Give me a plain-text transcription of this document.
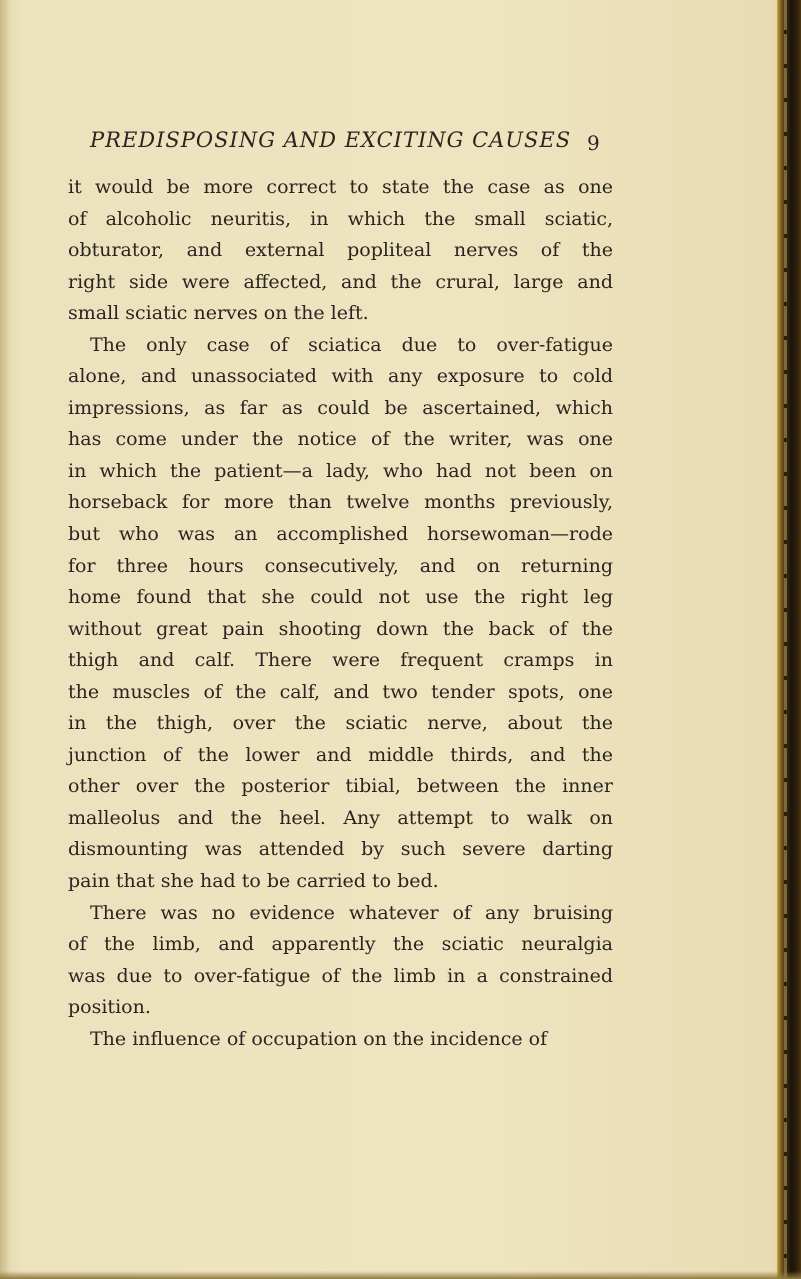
PREDISPOSING AND EXCITING CAUSES 9
it would be more correct to state the case as one
of alcoholic neuritis, in which the small sciatic,
obturator, and external popliteal nerves of the
right side were affected, and the crural, large and
small sciatic nerves on the left.
The only case of sciatica due to over-fatigue
alone, and unassociated with any exposure to cold
impressions, as far as could be ascertained, which
has come under the notice of the writer, was one
in which the patient—a lady, who had not been on
horseback for more than twelve months previously,
but who was an accomplished horsewoman—rode
for three hours consecutively, and on returning
home found that she could not use the right leg
without great pain shooting down the back of the
thigh and calf. There were frequent cramps in
the muscles of the calf, and two tender spots, one
in the thigh, over the sciatic nerve, about the
junction of the lower and middle thirds, and the
other over the posterior tibial, between the inner
malleolus and the heel. Any attempt to walk on
dismounting was attended by such severe darting
pain that she had to be carried to bed.
There was no evidence whatever of any bruising
of the limb, and apparently the sciatic neuralgia
was due to over-fatigue of the limb in a constrained
position.
The influence of occupation on the incidence of
